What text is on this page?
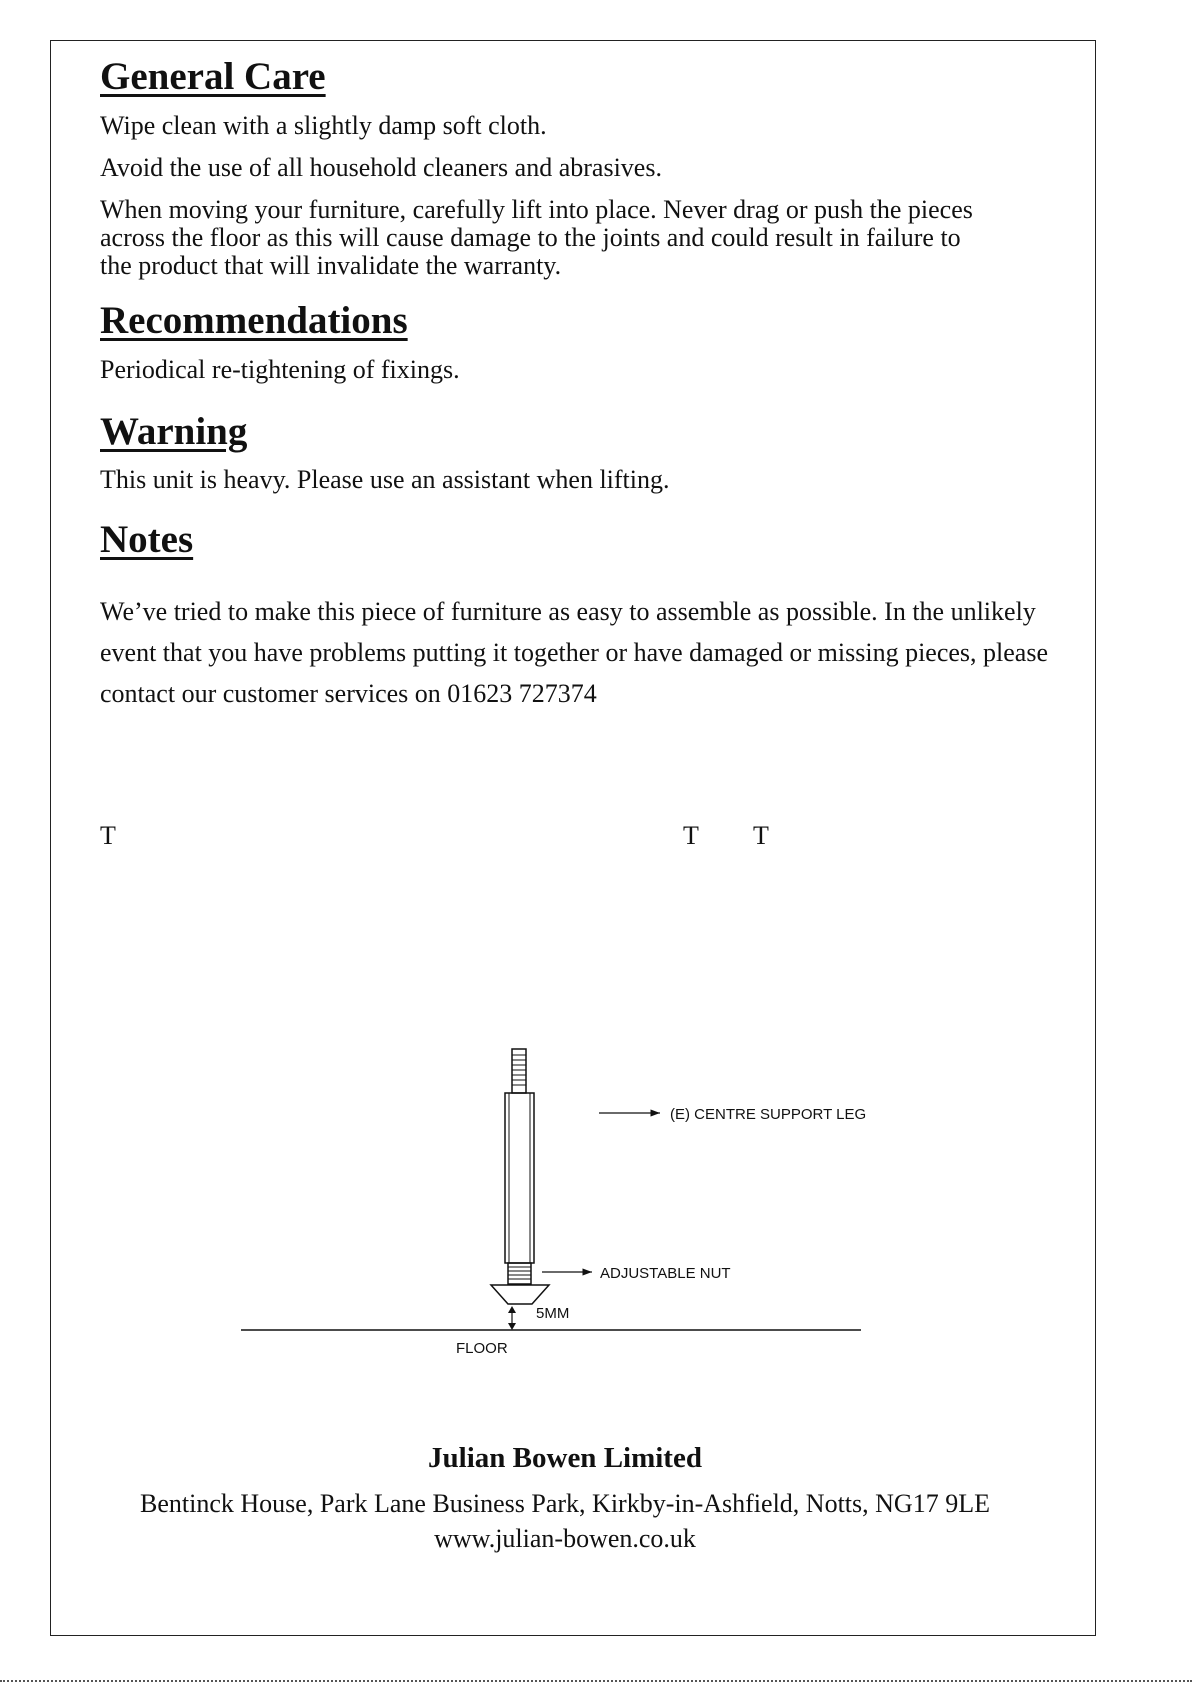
General Care

Wipe clean with a slightly damp soft cloth.

Avoid the use of all household cleaners and abrasives.

When moving your furniture, carefully lift into place. Never drag or push the pieces

across the floor as this will cause damage to the joints and could result in failure to

the product that will invalidate the warranty.

Recommendations

Periodical re-tightening of fixings.

Warning

This unit is heavy. Please use an assistant when lifting.

Notes

We’ve tried to make this piece of furniture as easy to assemble as possible. In the unlikely event that you have problems putting it together or have damaged or missing pieces, please contact our customer services on 01623 727374

T	T T
(E) CENTRE SUPPORT LEG
ADJUSTABLE NUT
5MM
FLOOR

Julian Bowen Limited

Bentinck House, Park Lane Business Park, Kirkby-in-Ashfield, Notts, NG17 9LE

www.julian-bowen.co.uk
